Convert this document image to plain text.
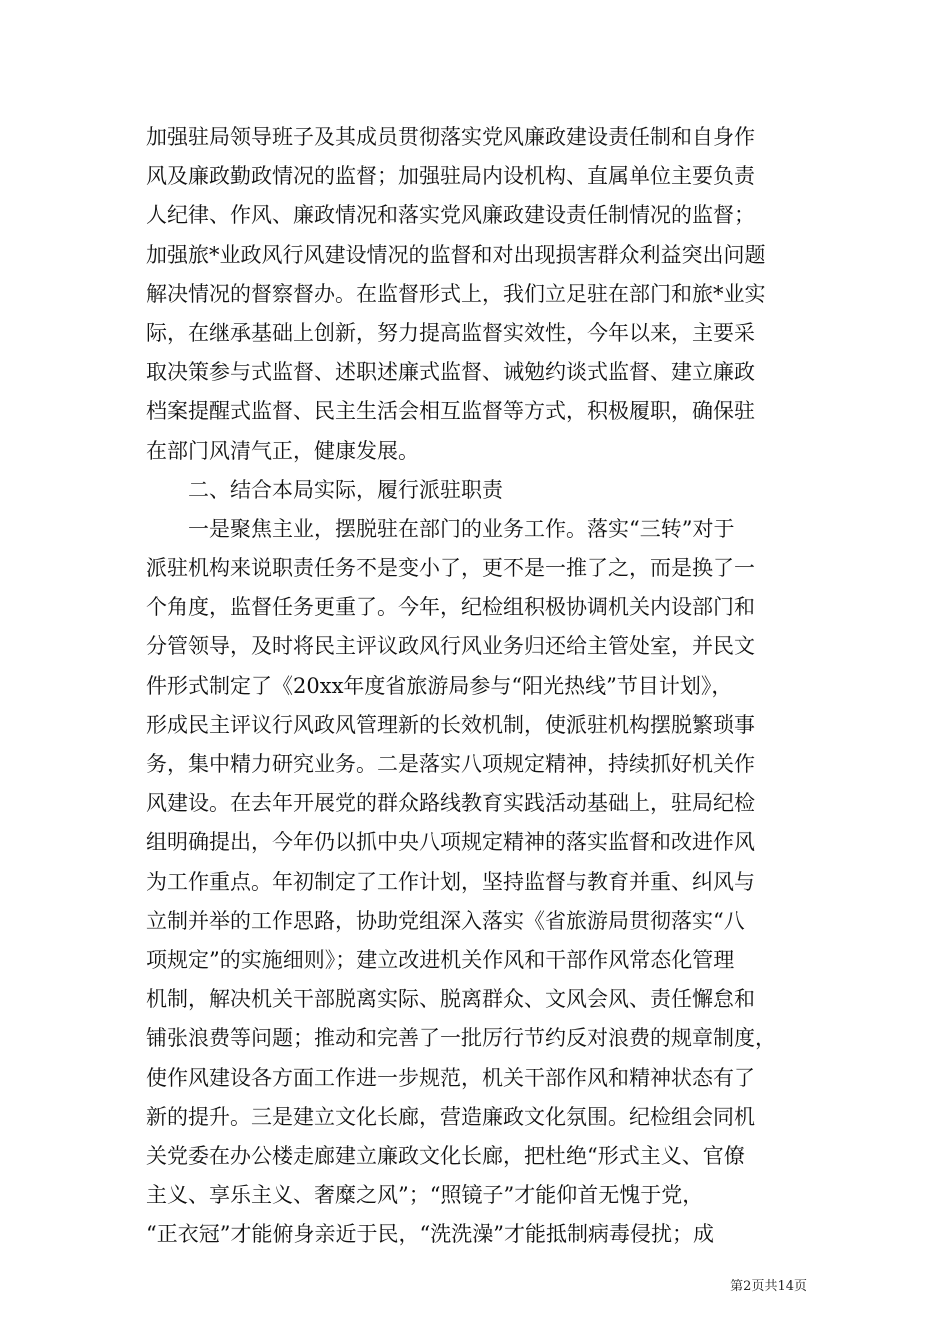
加强驻局领导班子及其成员贯彻落实党风廉政建设责任制和自身作
风及廉政勤政情况的监督；加强驻局内设机构、直属单位主要负责
人纪律、作风、廉政情况和落实党风廉政建设责任制情况的监督；
加强旅*业政风行风建设情况的监督和对出现损害群众利益突出问题
解决情况的督察督办。在监督形式上，我们立足驻在部门和旅*业实
际，在继承基础上创新，努力提高监督实效性，今年以来，主要采
取决策参与式监督、述职述廉式监督、诫勉约谈式监督、建立廉政
档案提醒式监督、民主生活会相互监督等方式，积极履职，确保驻
在部门风清气正，健康发展。
二、结合本局实际，履行派驻职责
一是聚焦主业，摆脱驻在部门的业务工作。落实“三转”对于
派驻机构来说职责任务不是变小了，更不是一推了之，而是换了一
个角度，监督任务更重了。今年，纪检组积极协调机关内设部门和
分管领导，及时将民主评议政风行风业务归还给主管处室，并民文
件形式制定了《20xx年度省旅游局参与“阳光热线”节目计划》，
形成民主评议行风政风管理新的长效机制，使派驻机构摆脱繁琐事
务，集中精力研究业务。二是落实八项规定精神，持续抓好机关作
风建设。在去年开展党的群众路线教育实践活动基础上，驻局纪检
组明确提出，今年仍以抓中央八项规定精神的落实监督和改进作风
为工作重点。年初制定了工作计划，坚持监督与教育并重、纠风与
立制并举的工作思路，协助党组深入落实《省旅游局贯彻落实“八
项规定”的实施细则》；建立改进机关作风和干部作风常态化管理
机制，解决机关干部脱离实际、脱离群众、文风会风、责任懈怠和
铺张浪费等问题；推动和完善了一批厉行节约反对浪费的规章制度，
使作风建设各方面工作进一步规范，机关干部作风和精神状态有了
新的提升。三是建立文化长廊，营造廉政文化氛围。纪检组会同机
关党委在办公楼走廊建立廉政文化长廊，把杜绝“形式主义、官僚
主义、享乐主义、奢糜之风”；“照镜子”才能仰首无愧于党，
“正衣冠”才能俯身亲近于民，“洗洗澡”才能抵制病毒侵扰；成
第2页共14页
